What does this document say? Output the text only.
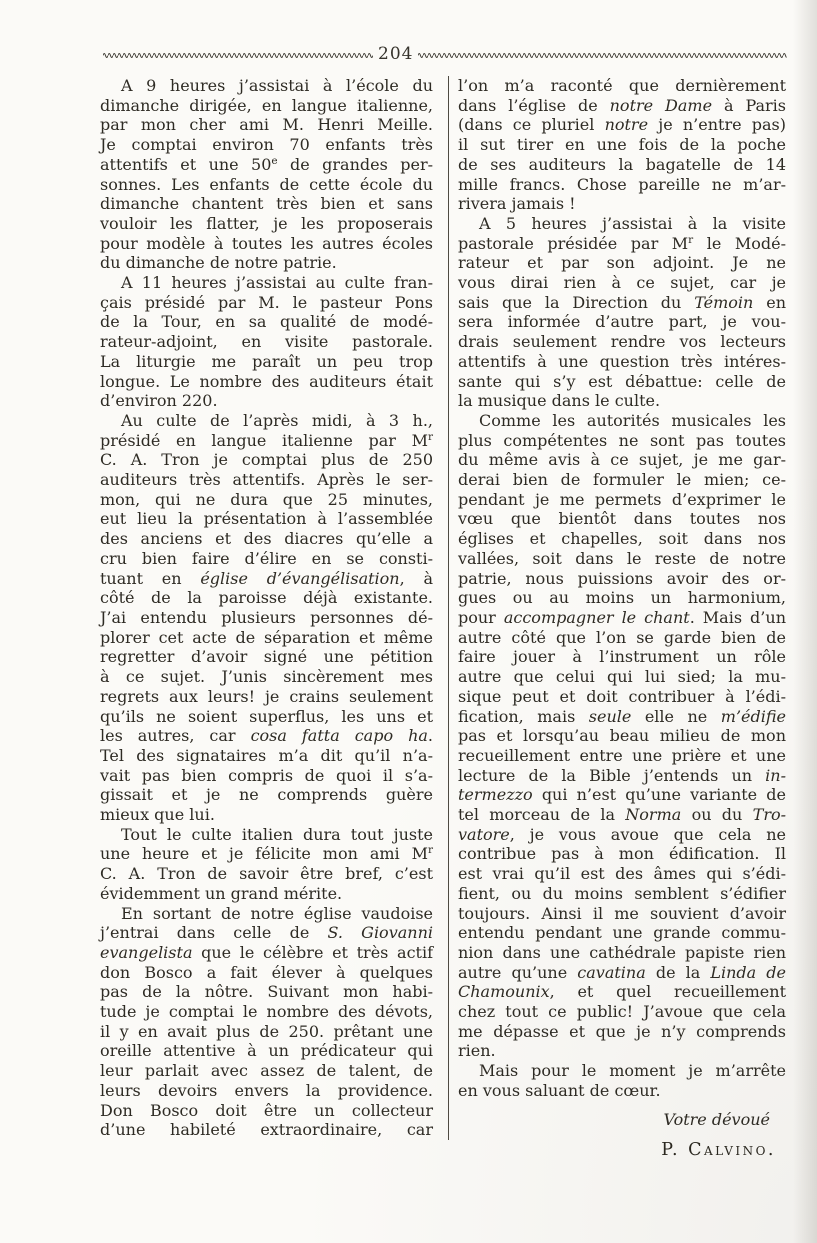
204
A 9 heures j’assistai à l’école du
dimanche dirigée, en langue italienne,
par mon cher ami M. Henri Meille.
Je comptai environ 70 enfants très
attentifs et une 50e de grandes per-
sonnes. Les enfants de cette école du
dimanche chantent très bien et sans
vouloir les flatter, je les proposerais
pour modèle à toutes les autres écoles
du dimanche de notre patrie.
A 11 heures j’assistai au culte fran-
çais présidé par M. le pasteur Pons
de la Tour, en sa qualité de modé-
rateur-adjoint, en visite pastorale.
La liturgie me paraît un peu trop
longue. Le nombre des auditeurs était
d’environ 220.
Au culte de l’après midi, à 3 h.,
présidé en langue italienne par $M^r$
C. A. Tron je comptai plus de 250
auditeurs très attentifs. Après le ser-
mon, qui ne dura que 25 minutes,
eut lieu la présentation à l’assemblée
des anciens et des diacres qu’elle a
cru bien faire d’élire en se consti-
tuant en église d’évangélisation, à
côté de la paroisse déjà existante.
J’ai entendu plusieurs personnes dé-
plorer cet acte de séparation et même
regretter d’avoir signé une pétition
à ce sujet. J’unis sincèrement mes
regrets aux leurs! je crains seulement
qu’ils ne soient superflus, les uns et
les autres, car cosa fatta capo ha.
Tel des signataires m’a dit qu’il n’a-
vait pas bien compris de quoi il s’a-
gissait et je ne comprends guère
mieux que lui.
Tout le culte italien dura tout juste
une heure et je félicite mon ami $M^r$
C. A. Tron de savoir être bref, c’est
évidemment un grand mérite.
En sortant de notre église vaudoise
j’entrai dans celle de S. Giovanni
evangelista que le célèbre et très actif
don Bosco a fait élever à quelques
pas de la nôtre. Suivant mon habi-
tude je comptai le nombre des dévots,
il y en avait plus de 250. prêtant une
oreille attentive à un prédicateur qui
leur parlait avec assez de talent, de
leurs devoirs envers la providence.
Don Bosco doit être un collecteur
d’une habileté extraordinaire, car
l’on m’a raconté que dernièrement
dans l’église de notre Dame à Paris
(dans ce pluriel notre je n’entre pas)
il sut tirer en une fois de la poche
de ses auditeurs la bagatelle de 14
mille francs. Chose pareille ne m’ar-
rivera jamais !
A 5 heures j’assistai à la visite
pastorale présidée par $M^r$ le Modé-
rateur et par son adjoint. Je ne
vous dirai rien à ce sujet, car je
sais que la Direction du Témoin en
sera informée d’autre part, je vou-
drais seulement rendre vos lecteurs
attentifs à une question très intéres-
sante qui s’y est débattue: celle de
la musique dans le culte.
Comme les autorités musicales les
plus compétentes ne sont pas toutes
du même avis à ce sujet, je me gar-
derai bien de formuler le mien; ce-
pendant je me permets d’exprimer le
vœu que bientôt dans toutes nos
églises et chapelles, soit dans nos
vallées, soit dans le reste de notre
patrie, nous puissions avoir des or-
gues ou au moins un harmonium,
pour accompagner le chant. Mais d’un
autre côté que l’on se garde bien de
faire jouer à l’instrument un rôle
autre que celui qui lui sied; la mu-
sique peut et doit contribuer à l’édi-
fication, mais seule elle ne m’édifie
pas et lorsqu’au beau milieu de mon
recueillement entre une prière et une
lecture de la Bible j’entends un in-
termezzo qui n’est qu’une variante de
tel morceau de la Norma ou du Tro-
vatore, je vous avoue que cela ne
contribue pas à mon édification. Il
est vrai qu’il est des âmes qui s’édi-
fient, ou du moins semblent s’édifier
toujours. Ainsi il me souvient d’avoir
entendu pendant une grande commu-
nion dans une cathédrale papiste rien
autre qu’une cavatina de la Linda de
Chamounix, et quel recueillement
chez tout ce public! J’avoue que cela
me dépasse et que je n’y comprends
rien.
Mais pour le moment je m’arrête
en vous saluant de cœur.
Votre dévoué
P. Calvino.
